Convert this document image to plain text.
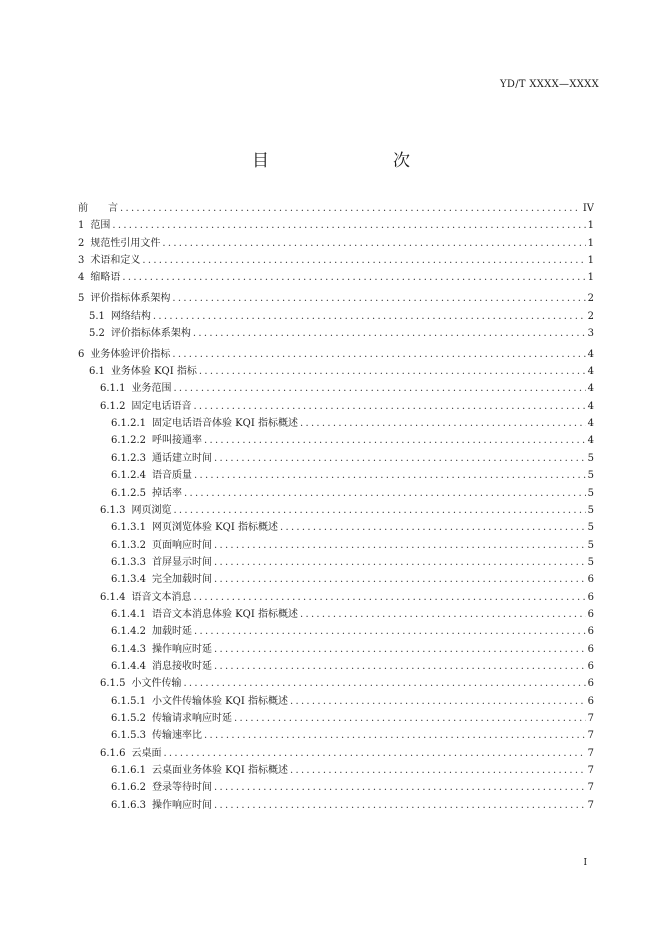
YD/T XXXX—XXXX
目　　次
前　　言 .....	IV
1 范围 .....	1
2 规范性引用文件 .....	1
3 术语和定义 .....	1
4 缩略语 .....	1
5 评价指标体系架构 .....	2
5.1 网络结构 .....	2
5.2 评价指标体系架构 .....	3
6 业务体验评价指标 .....	4
6.1 业务体验 KQI 指标 .....	4
6.1.1 业务范围 .....	4
6.1.2 固定电话语音 .....	4
6.1.2.1 固定电话语音体验 KQI 指标概述 .....	4
6.1.2.2 呼叫接通率 .....	4
6.1.2.3 通话建立时间 .....	5
6.1.2.4 语音质量 .....	5
6.1.2.5 掉话率 .....	5
6.1.3 网页浏览 .....	5
6.1.3.1 网页浏览体验 KQI 指标概述 .....	5
6.1.3.2 页面响应时间 .....	5
6.1.3.3 首屏显示时间 .....	5
6.1.3.4 完全加载时间 .....	6
6.1.4 语音文本消息 .....	6
6.1.4.1 语音文本消息体验 KQI 指标概述 .....	6
6.1.4.2 加载时延 .....	6
6.1.4.3 操作响应时延 .....	6
6.1.4.4 消息接收时延 .....	6
6.1.5 小文件传输 .....	6
6.1.5.1 小文件传输体验 KQI 指标概述 .....	6
6.1.5.2 传输请求响应时延 .....	7
6.1.5.3 传输速率比 .....	7
6.1.6 云桌面 .....	7
6.1.6.1 云桌面业务体验 KQI 指标概述 .....	7
6.1.6.2 登录等待时间 .....	7
6.1.6.3 操作响应时间 .....	7
I
